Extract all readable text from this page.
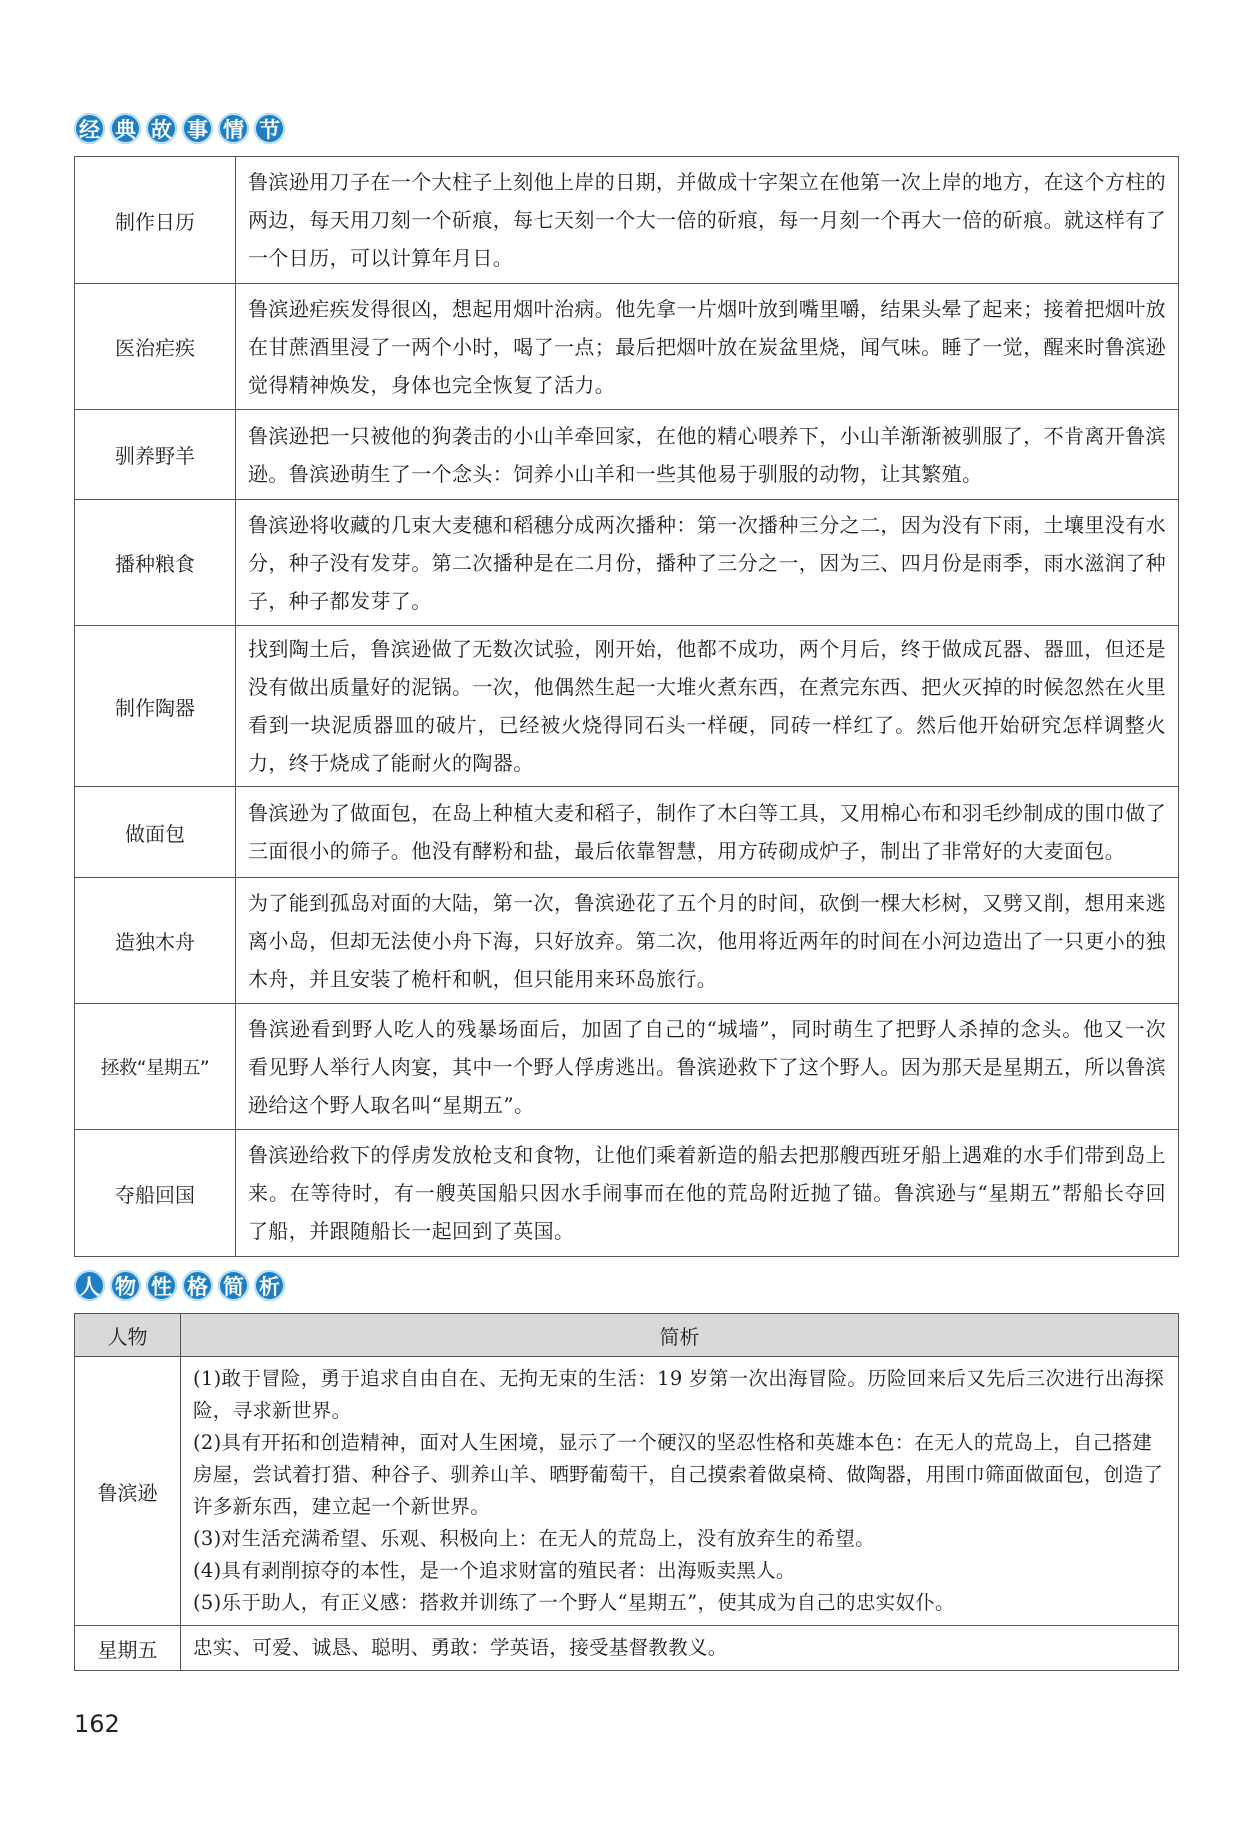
经 典 故 事 情 节
制作日历	鲁滨逊用刀子在一个大柱子上刻他上岸的日期，并做成十字架立在他第一次上岸的地方，在这个方柱的两边，每天用刀刻一个斫痕，每七天刻一个大一倍的斫痕，每一月刻一个再大一倍的斫痕。就这样有了一个日历，可以计算年月日。
医治疟疾	鲁滨逊疟疾发得很凶，想起用烟叶治病。他先拿一片烟叶放到嘴里嚼，结果头晕了起来；接着把烟叶放在甘蔗酒里浸了一两个小时，喝了一点；最后把烟叶放在炭盆里烧，闻气味。睡了一觉，醒来时鲁滨逊觉得精神焕发，身体也完全恢复了活力。
驯养野羊	鲁滨逊把一只被他的狗袭击的小山羊牵回家，在他的精心喂养下，小山羊渐渐被驯服了，不肯离开鲁滨逊。鲁滨逊萌生了一个念头：饲养小山羊和一些其他易于驯服的动物，让其繁殖。
播种粮食	鲁滨逊将收藏的几束大麦穗和稻穗分成两次播种：第一次播种三分之二，因为没有下雨，土壤里没有水分，种子没有发芽。第二次播种是在二月份，播种了三分之一，因为三、四月份是雨季，雨水滋润了种子，种子都发芽了。
制作陶器	找到陶土后，鲁滨逊做了无数次试验，刚开始，他都不成功，两个月后，终于做成瓦器、器皿，但还是没有做出质量好的泥锅。一次，他偶然生起一大堆火煮东西，在煮完东西、把火灭掉的时候忽然在火里看到一块泥质器皿的破片，已经被火烧得同石头一样硬，同砖一样红了。然后他开始研究怎样调整火力，终于烧成了能耐火的陶器。
做面包	鲁滨逊为了做面包，在岛上种植大麦和稻子，制作了木臼等工具，又用棉心布和羽毛纱制成的围巾做了三面很小的筛子。他没有酵粉和盐，最后依靠智慧，用方砖砌成炉子，制出了非常好的大麦面包。
造独木舟	为了能到孤岛对面的大陆，第一次，鲁滨逊花了五个月的时间，砍倒一棵大杉树，又劈又削，想用来逃离小岛，但却无法使小舟下海，只好放弃。第二次，他用将近两年的时间在小河边造出了一只更小的独木舟，并且安装了桅杆和帆，但只能用来环岛旅行。
拯救“星期五”	鲁滨逊看到野人吃人的残暴场面后，加固了自己的“城墙”，同时萌生了把野人杀掉的念头。他又一次看见野人举行人肉宴，其中一个野人俘虏逃出。鲁滨逊救下了这个野人。因为那天是星期五，所以鲁滨逊给这个野人取名叫“星期五”。
夺船回国	鲁滨逊给救下的俘虏发放枪支和食物，让他们乘着新造的船去把那艘西班牙船上遇难的水手们带到岛上来。在等待时，有一艘英国船只因水手闹事而在他的荒岛附近抛了锚。鲁滨逊与“星期五”帮船长夺回了船，并跟随船长一起回到了英国。
人 物 性 格 简 析
人物	简析
鲁滨逊	(1)敢于冒险，勇于追求自由自在、无拘无束的生活：19 岁第一次出海冒险。历险回来后又先后三次进行出海探险，寻求新世界。
(2)具有开拓和创造精神，面对人生困境，显示了一个硬汉的坚忍性格和英雄本色：在无人的荒岛上，自己搭建房屋，尝试着打猎、种谷子、驯养山羊、晒野葡萄干，自己摸索着做桌椅、做陶器，用围巾筛面做面包，创造了许多新东西，建立起一个新世界。
(3)对生活充满希望、乐观、积极向上：在无人的荒岛上，没有放弃生的希望。
(4)具有剥削掠夺的本性，是一个追求财富的殖民者：出海贩卖黑人。
(5)乐于助人，有正义感：搭救并训练了一个野人“星期五”，使其成为自己的忠实奴仆。

星期五	忠实、可爱、诚恳、聪明、勇敢：学英语，接受基督教教义。
162
